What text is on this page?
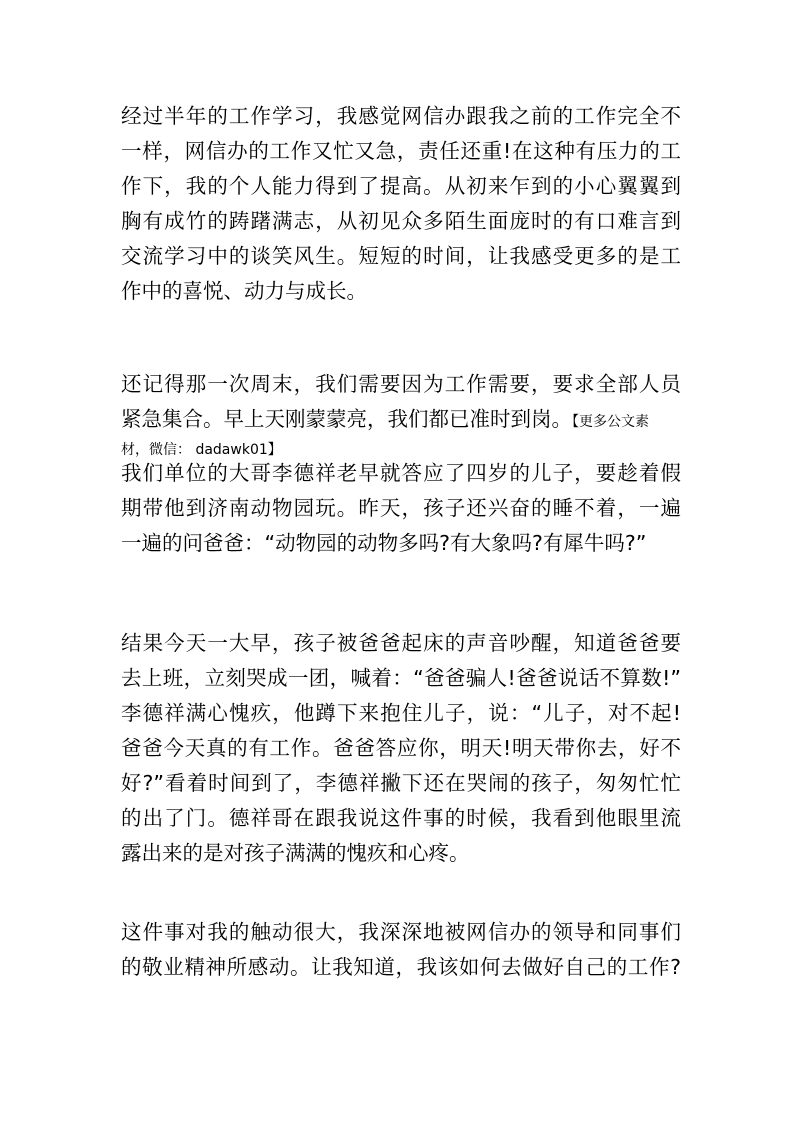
经过半年的工作学习，我感觉网信办跟我之前的工作完全不
一样，网信办的工作又忙又急，责任还重!在这种有压力的工
作下，我的个人能力得到了提高。从初来乍到的小心翼翼到
胸有成竹的踌躇满志，从初见众多陌生面庞时的有口难言到
交流学习中的谈笑风生。短短的时间，让我感受更多的是工
作中的喜悦、动力与成长。
还记得那一次周末，我们需要因为工作需要，要求全部人员
紧急集合。早上天刚蒙蒙亮，我们都已准时到岗。【更多公文素
材，微信： dadawk01】
我们单位的大哥李德祥老早就答应了四岁的儿子，要趁着假
期带他到济南动物园玩。昨天，孩子还兴奋的睡不着，一遍
一遍的问爸爸：“动物园的动物多吗?有大象吗?有犀牛吗?”
结果今天一大早，孩子被爸爸起床的声音吵醒，知道爸爸要
去上班，立刻哭成一团，喊着：“爸爸骗人!爸爸说话不算数!”
李德祥满心愧疚，他蹲下来抱住儿子，说：“儿子，对不起!
爸爸今天真的有工作。爸爸答应你，明天!明天带你去，好不
好?”看着时间到了，李德祥撇下还在哭闹的孩子，匆匆忙忙
的出了门。德祥哥在跟我说这件事的时候，我看到他眼里流
露出来的是对孩子满满的愧疚和心疼。
这件事对我的触动很大，我深深地被网信办的领导和同事们
的敬业精神所感动。让我知道，我该如何去做好自己的工作?
